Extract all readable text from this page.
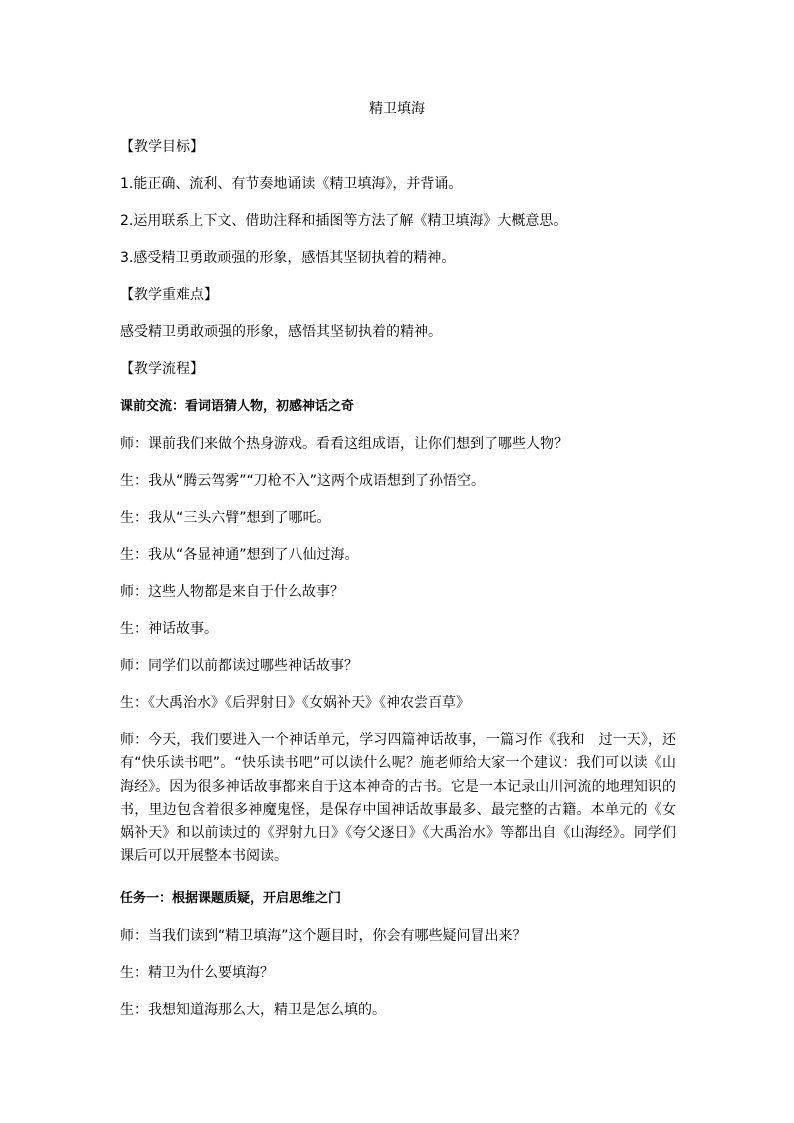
精卫填海
【教学目标】
1.能正确、流利、有节奏地诵读《精卫填海》，并背诵。
2.运用联系上下文、借助注释和插图等方法了解《精卫填海》大概意思。
3.感受精卫勇敢顽强的形象，感悟其坚韧执着的精神。
【教学重难点】
感受精卫勇敢顽强的形象，感悟其坚韧执着的精神。
【教学流程】
课前交流：看词语猜人物，初感神话之奇
师：课前我们来做个热身游戏。看看这组成语，让你们想到了哪些人物？
生：我从“腾云驾雾”“刀枪不入”这两个成语想到了孙悟空。
生：我从“三头六臂”想到了哪吒。
生：我从“各显神通”想到了八仙过海。
师：这些人物都是来自于什么故事？
生：神话故事。
师：同学们以前都读过哪些神话故事？
生：《大禹治水》《后羿射日》《女娲补天》《神农尝百草》
师：今天，我们要进入一个神话单元，学习四篇神话故事，一篇习作《我和　过一天》，还有“快乐读书吧”。“快乐读书吧”可以读什么呢？施老师给大家一个建议：我们可以读《山海经》。因为很多神话故事都来自于这本神奇的古书。它是一本记录山川河流的地理知识的书，里边包含着很多神魔鬼怪，是保存中国神话故事最多、最完整的古籍。本单元的《女娲补天》和以前读过的《羿射九日》《夸父逐日》《大禹治水》等都出自《山海经》。同学们课后可以开展整本书阅读。
任务一：根据课题质疑，开启思维之门
师：当我们读到“精卫填海”这个题目时，你会有哪些疑问冒出来？
生：精卫为什么要填海？
生：我想知道海那么大，精卫是怎么填的。
